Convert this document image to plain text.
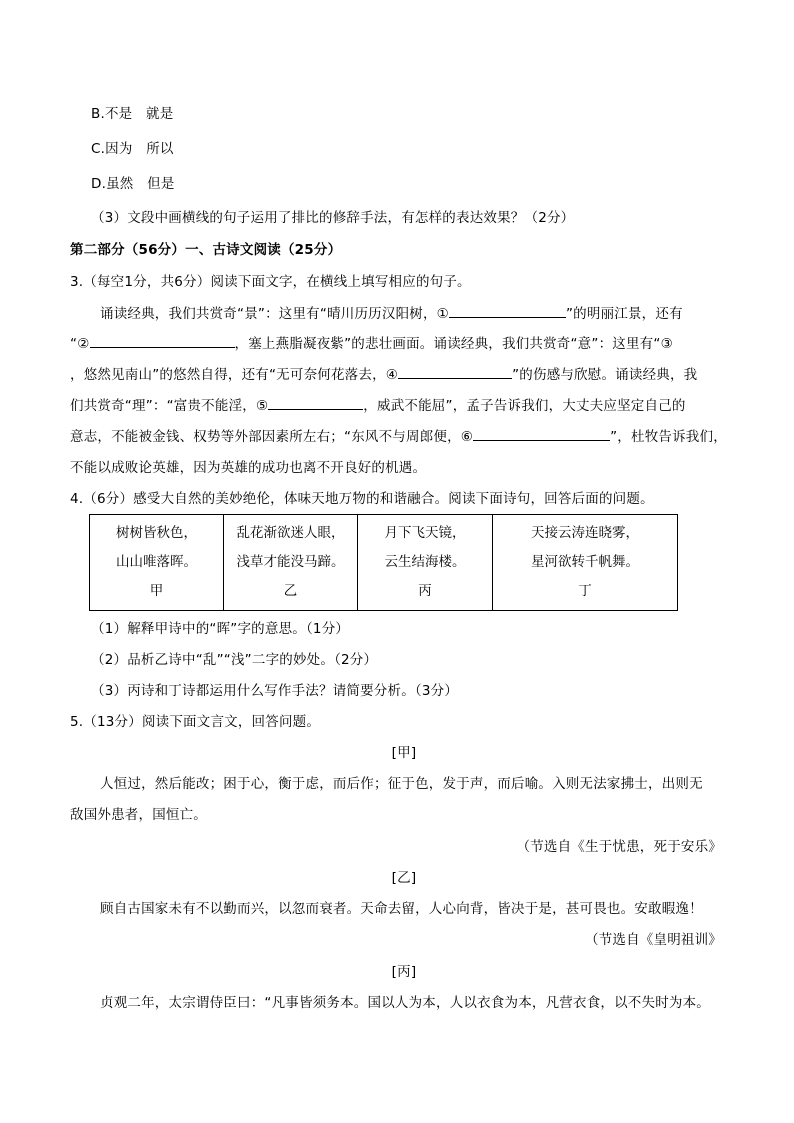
B.不是　就是
C.因为　所以
D.虽然　但是
（3）文段中画横线的句子运用了排比的修辞手法，有怎样的表达效果？（2分）
第二部分（56分）一、古诗文阅读（25分）
3.（每空1分，共6分）阅读下面文字，在横线上填写相应的句子。
诵读经典，我们共赏奇“景”：这里有“晴川历历汉阳树，①	”的明丽江景，还有
“②	，塞上燕脂凝夜紫”的悲壮画面。诵读经典，我们共赏奇“意”：这里有“③
，悠然见南山”的悠然自得，还有“无可奈何花落去，④	”的伤感与欣慰。诵读经典，我
们共赏奇“理”：“富贵不能淫，⑤	，威武不能屈”，孟子告诉我们，大丈夫应坚定自己的
意志，不能被金钱、权势等外部因素所左右；“东风不与周郎便，⑥	”，杜牧告诉我们，
不能以成败论英雄，因为英雄的成功也离不开良好的机遇。
4.（6分）感受大自然的美妙绝伦，体味天地万物的和谐融合。阅读下面诗句，回答后面的问题。
树树皆秋色，
山山唯落晖。
甲

乱花渐欲迷人眼，
浅草才能没马蹄。
乙

月下飞天镜，
云生结海楼。
丙

天接云涛连晓雾，
星河欲转千帆舞。
丁
（1）解释甲诗中的“晖”字的意思。（1分）
（2）品析乙诗中“乱”“浅”二字的妙处。（2分）
（3）丙诗和丁诗都运用什么写作手法？请简要分析。（3分）
5.（13分）阅读下面文言文，回答问题。
[甲]
人恒过，然后能改；困于心，衡于虑，而后作；征于色，发于声，而后喻。入则无法家拂士，出则无
敌国外患者，国恒亡。
（节选自《生于忧患，死于安乐》
[乙]
顾自古国家未有不以勤而兴，以忽而衰者。天命去留，人心向背，皆决于是，甚可畏也。安敢暇逸！
（节选自《皇明祖训》
[丙]
贞观二年，太宗谓侍臣曰：“凡事皆须务本。国以人为本，人以衣食为本，凡营衣食，以不失时为本。
